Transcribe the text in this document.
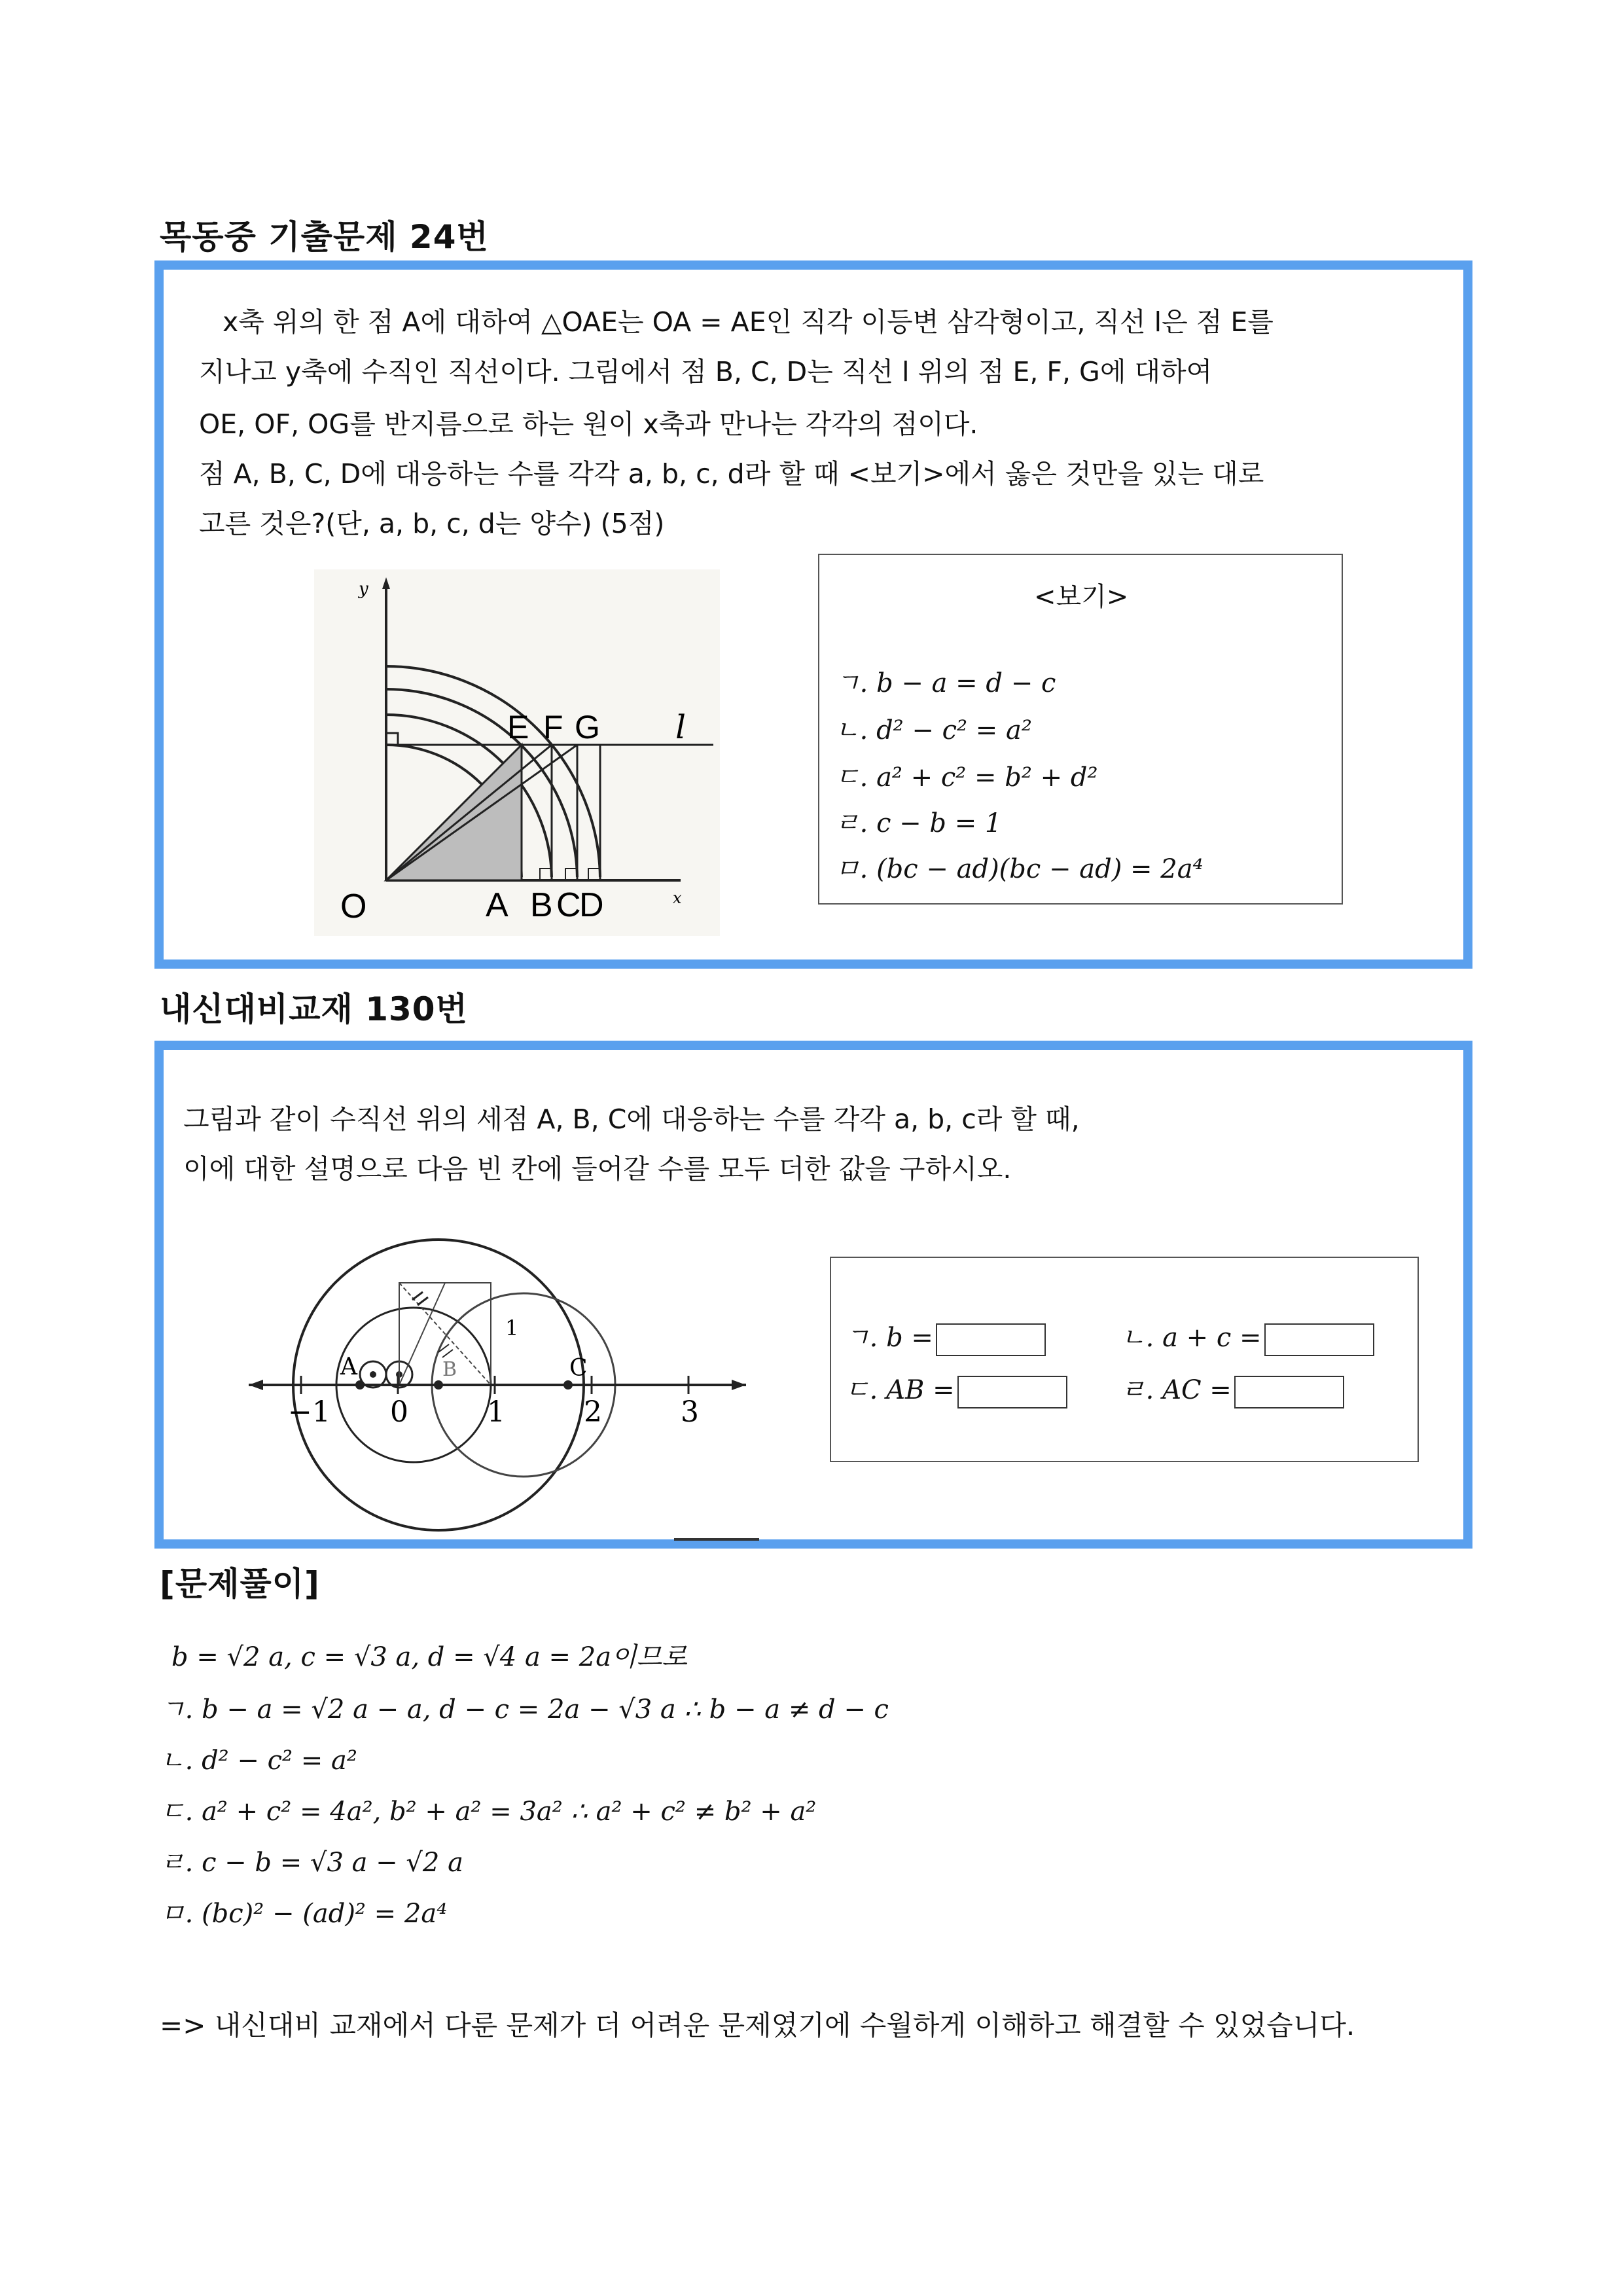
목동중 기출문제 24번
x축 위의 한 점 A에 대하여 △OAE는 OA = AE인 직각 이등변 삼각형이고, 직선 l은 점 E를
지나고 y축에 수직인 직선이다. 그림에서 점 B, C, D는 직선 l 위의 점 E, F, G에 대하여
OE, OF, OG를 반지름으로 하는 원이 x축과 만나는 각각의 점이다.
점 A, B, C, D에 대응하는 수를 각각 a, b, c, d라 할 때 <보기>에서 옳은 것만을 있는 대로
고른 것은?(단, a, b, c, d는 양수) (5점)
y
x
O	A B C
D
E F G l
<보기>
ㄱ. b − a = d − c
ㄴ. d² − c² = a²
ㄷ. a² + c² = b² + d²
ㄹ. c − b = 1
ㅁ. (bc − ad)(bc − ad) = 2a⁴
내신대비교재 130번
그림과 같이 수직선 위의 세점 A, B, C에 대응하는 수를 각각 a, b, c라 할 때,
이에 대한 설명으로 다음 빈 칸에 들어갈 수를 모두 더한 값을 구하시오.
A	B	C
1
−1 0	1	2	3
ㄱ. b =	ㄴ. a + c =
ㄷ. AB =	ㄹ. AC =
[문제풀이]
b = √2 a, c = √3 a, d = √4 a = 2a이므로
ㄱ. b − a = √2 a − a, d − c = 2a − √3 a ∴ b − a ≠ d − c
ㄴ. d² − c² = a²
ㄷ. a² + c² = 4a², b² + a² = 3a² ∴ a² + c² ≠ b² + a²
ㄹ. c − b = √3 a − √2 a
ㅁ. (bc)² − (ad)² = 2a⁴
=> 내신대비 교재에서 다룬 문제가 더 어려운 문제였기에 수월하게 이해하고 해결할 수 있었습니다.
